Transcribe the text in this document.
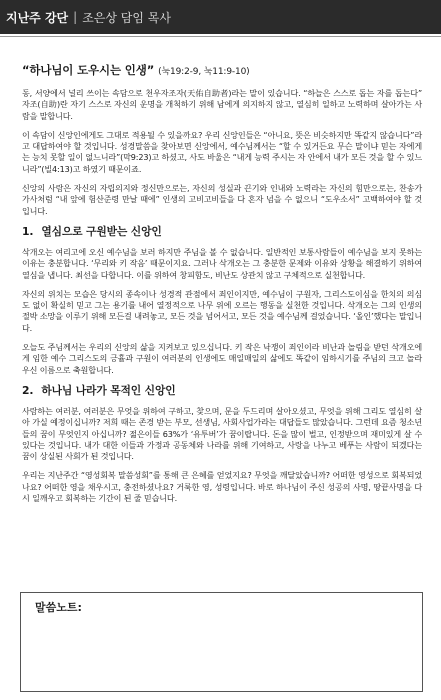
지난주 강단 | 조은상 담임 목사
“하나님이 도우시는 인생” (눅19:2-9, 눅11:9-10)

동, 서양에서 널리 쓰이는 속담으로 천우자조자(天佑自助者)라는 말이 있습니다. “하늘은 스스로 돕는 자를 돕는다” 자조(自助)란 자기 스스로 자신의 운명을 개척하기 위해 남에게 의지하지 않고, 열심히 일하고 노력하며 살아가는 사람을 말합니다.

이 속담이 신앙인에게도 그대로 적용될 수 있을까요? 우리 신앙인들은 “아니요, 뜻은 비슷하지만 똑같지 않습니다”라고 대답하여야 할 것입니다. 성경말씀을 찾아보면 신앙에서, 예수님께서는 “할 수 있거든요 무슨 말이냐 믿는 자에게는 능치 못할 일이 없느니라”(막9:23)고 하셨고, 사도 바울은 “내게 능력 주시는 자 안에서 내가 모든 것을 할 수 있느니라”(빌4:13)고 하였기 때문이죠.

신앙의 사람은 자신의 자립의지와 정신만으로는, 자신의 성실과 끈기와 인내와 노력라는 자신의 힘만으로는, 찬송가 가사처럼 “내 앞에 험산준령 만날 때에” 인생의 고비고비들을 다 혼자 넘을 수 없으니 “도우소서” 고백하여야 할 것입니다.

1. 열심으로 구원받는 신앙인

삭개오는 여리고에 오신 예수님을 보러 하지만 주님을 볼 수 없습니다. 일반적인 보통사람들이 예수님을 보지 못하는 이유는 충분합니다. ‘무리와 키 작음’ 때문이지요. 그러나 삭개오는 그 충분한 문제와 이유와 상황을 해결하기 위하여 열심을 냅니다. 최선을 다합니다. 이를 위하여 창피함도, 비난도 상관치 않고 구체적으로 실천합니다.

자신의 위치는 모습은 당시의 종속이나 성경적 관점에서 죄인이지만, 예수님이 구원자, 그리스도이심을 한치의 의심도 없이 확실히 믿고 그는 용기를 내어 열정적으로 나무 위에 오르는 행동을 실천한 것입니다. 삭개오는 그의 인생의 절박 소망을 이루기 위해 모든걸 내려놓고, 모든 것을 넘어서고, 모든 것을 예수님께 걸었습니다. ‘올인’했다는 말입니다.

오늘도 주님께서는 우리의 신앙의 삶을 지켜보고 있으십니다. 키 작은 낙쟁이 죄인이라 비난과 놀림을 받던 삭개오에게 임한 예수 그리스도의 긍휼과 구원이 여러분의 인생에도 매일매일의 삶에도 똑같이 임하시기를 주님의 크고 놀라우신 이름으로 축원합니다.

2. 하나님 나라가 목적인 신앙인

사람하는 여러분, 여러분은 무엇을 위하여 구하고, 찾으며, 문을 두드리며 살아오셨고, 무엇을 위해 그리도 열심히 살아 가실 예정이십니까? 저희 때는 존경 받는 부모, 선생님, 사회사업가라는 대답들도 많았습니다. 그런데 요즘 청소년들의 꿈이 무엇인지 아십니까? 젊은이들 63%가 ‘유투버’가 꿈이랍니다. 돈을 많이 벌고, 인정받으며 재미있게 살 수 있다는 것입니다. 내가 대한 이들과 가정과 공동체와 나라를 위해 기여하고, 사랑을 나누고 베푸는 사람이 되겠다는 꿈이 상실된 사회가 된 것입니다.

우리는 지난주간 “영성회복 말씀성회”를 통해 큰 은혜를 얻었지요? 무엇을 깨달았습니까? 어떠한 영성으로 회복되었나요? 어떠한 영을 채우시고, 충전하셨나요? 거룩한 영, 성령입니다. 바로 하나님이 주신 성공의 사명, 땅끝사명을 다시 일깨우고 회복하는 기간이 된 줄 믿습니다.

말씀노트:
